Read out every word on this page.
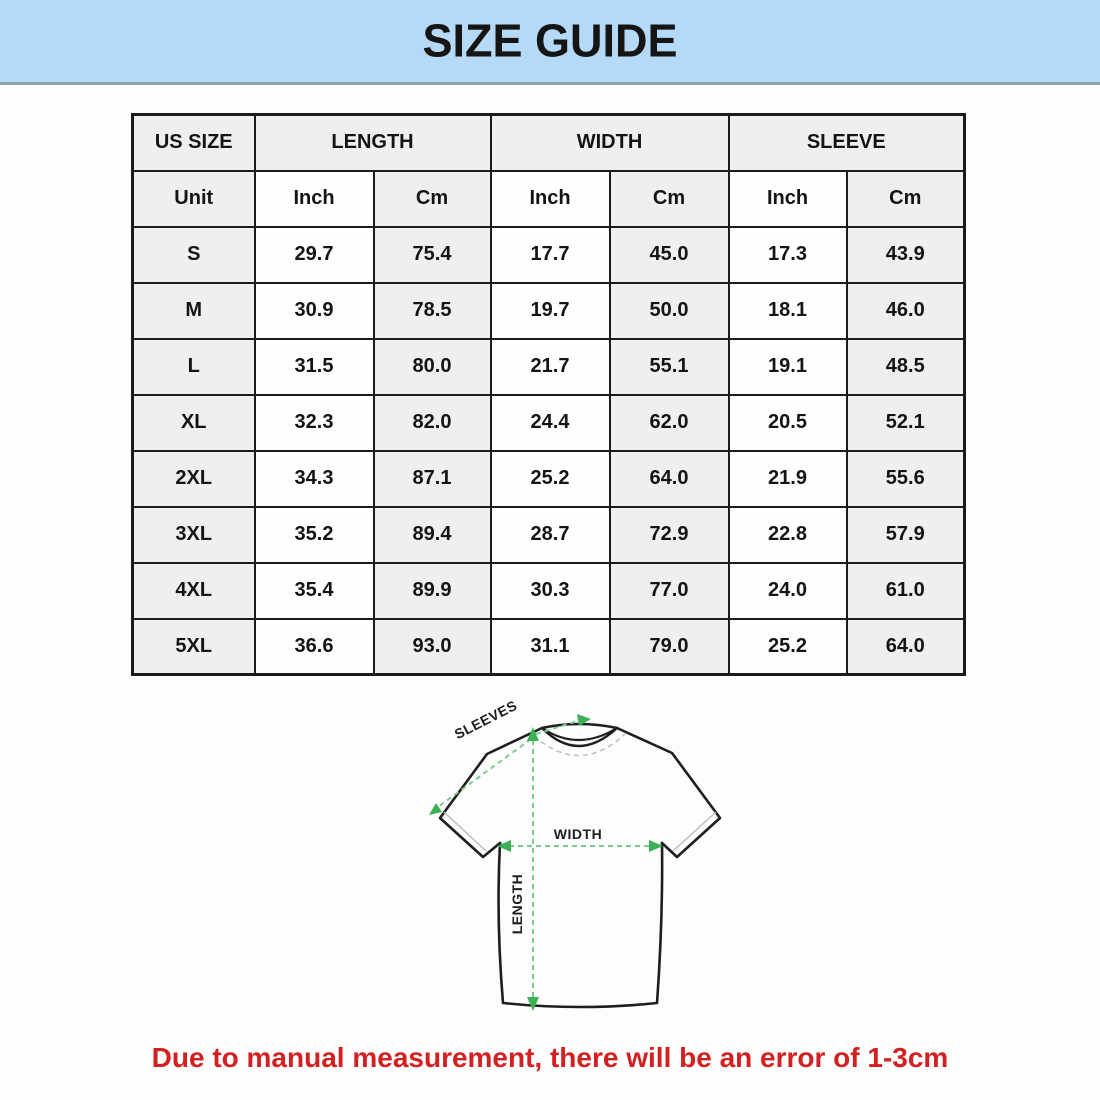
SIZE GUIDE
US SIZE	LENGTH		WIDTH		SLEEVE	
Unit	Inch	Cm	Inch	Cm	Inch	Cm
S	29.7	75.4	17.7	45.0	17.3	43.9
M	30.9	78.5	19.7	50.0	18.1	46.0
L	31.5	80.0	21.7	55.1	19.1	48.5
XL	32.3	82.0	24.4	62.0	20.5	52.1
2XL	34.3	87.1	25.2	64.0	21.9	55.6
3XL	35.2	89.4	28.7	72.9	22.8	57.9
4XL	35.4	89.9	30.3	77.0	24.0	61.0
5XL	36.6	93.0	31.1	79.0	25.2	64.0
WIDTH
LENGTH
SLEEVES
Due to manual measurement, there will be an error of 1-3cm
